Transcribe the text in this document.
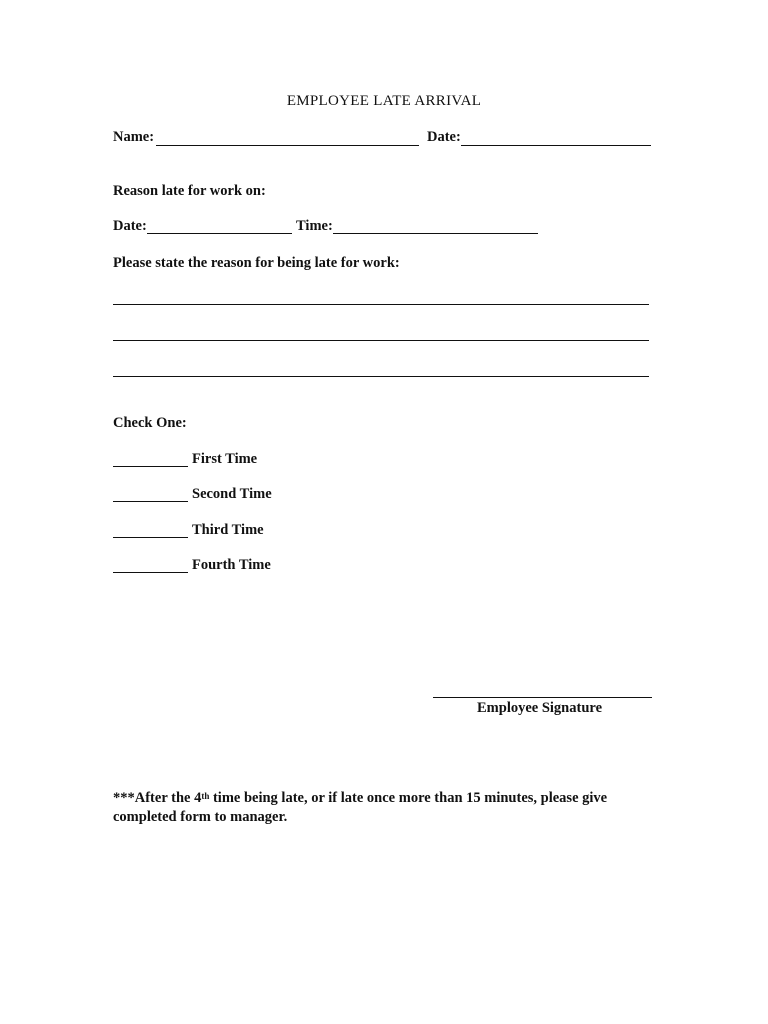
EMPLOYEE LATE ARRIVAL
Name:	Date:
Reason late for work on:
Date:	Time:
Please state the reason for being late for work:
Check One:
First Time
Second Time
Third Time
Fourth Time
Employee Signature
***After the 4th time being late, or if late once more than 15 minutes, please give completed form to manager.
